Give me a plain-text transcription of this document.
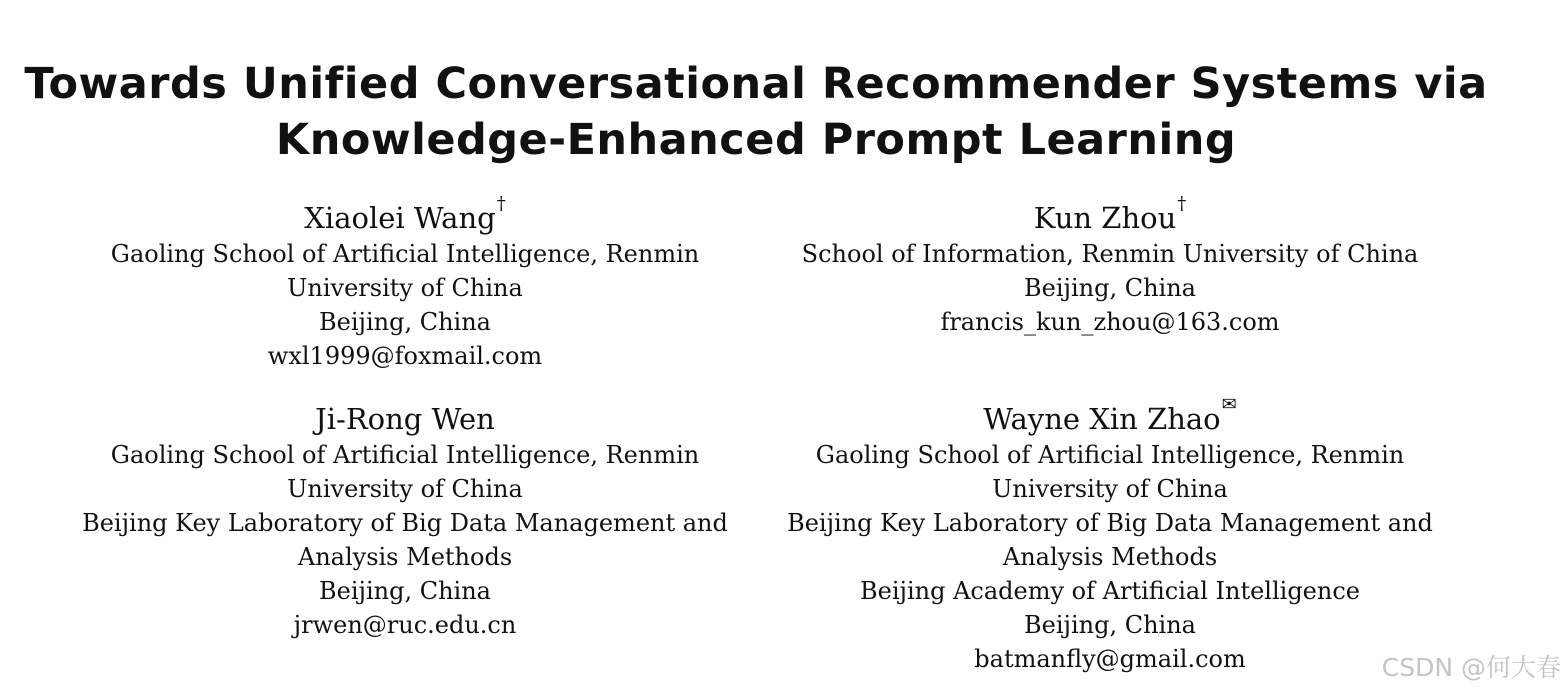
Towards Unified Conversational Recommender Systems via
Knowledge-Enhanced Prompt Learning
Xiaolei Wang†
Gaoling School of Artificial Intelligence, Renmin
University of China
Beijing, China
wxl1999@foxmail.com
Kun Zhou†
School of Information, Renmin University of China
Beijing, China
francis_kun_zhou@163.com
Ji-Rong Wen
Gaoling School of Artificial Intelligence, Renmin
University of China
Beijing Key Laboratory of Big Data Management and
Analysis Methods
Beijing, China
jrwen@ruc.edu.cn
Wayne Xin Zhao✉
Gaoling School of Artificial Intelligence, Renmin
University of China
Beijing Key Laboratory of Big Data Management and
Analysis Methods
Beijing Academy of Artificial Intelligence
Beijing, China
batmanfly@gmail.com	CSDN @何大春
